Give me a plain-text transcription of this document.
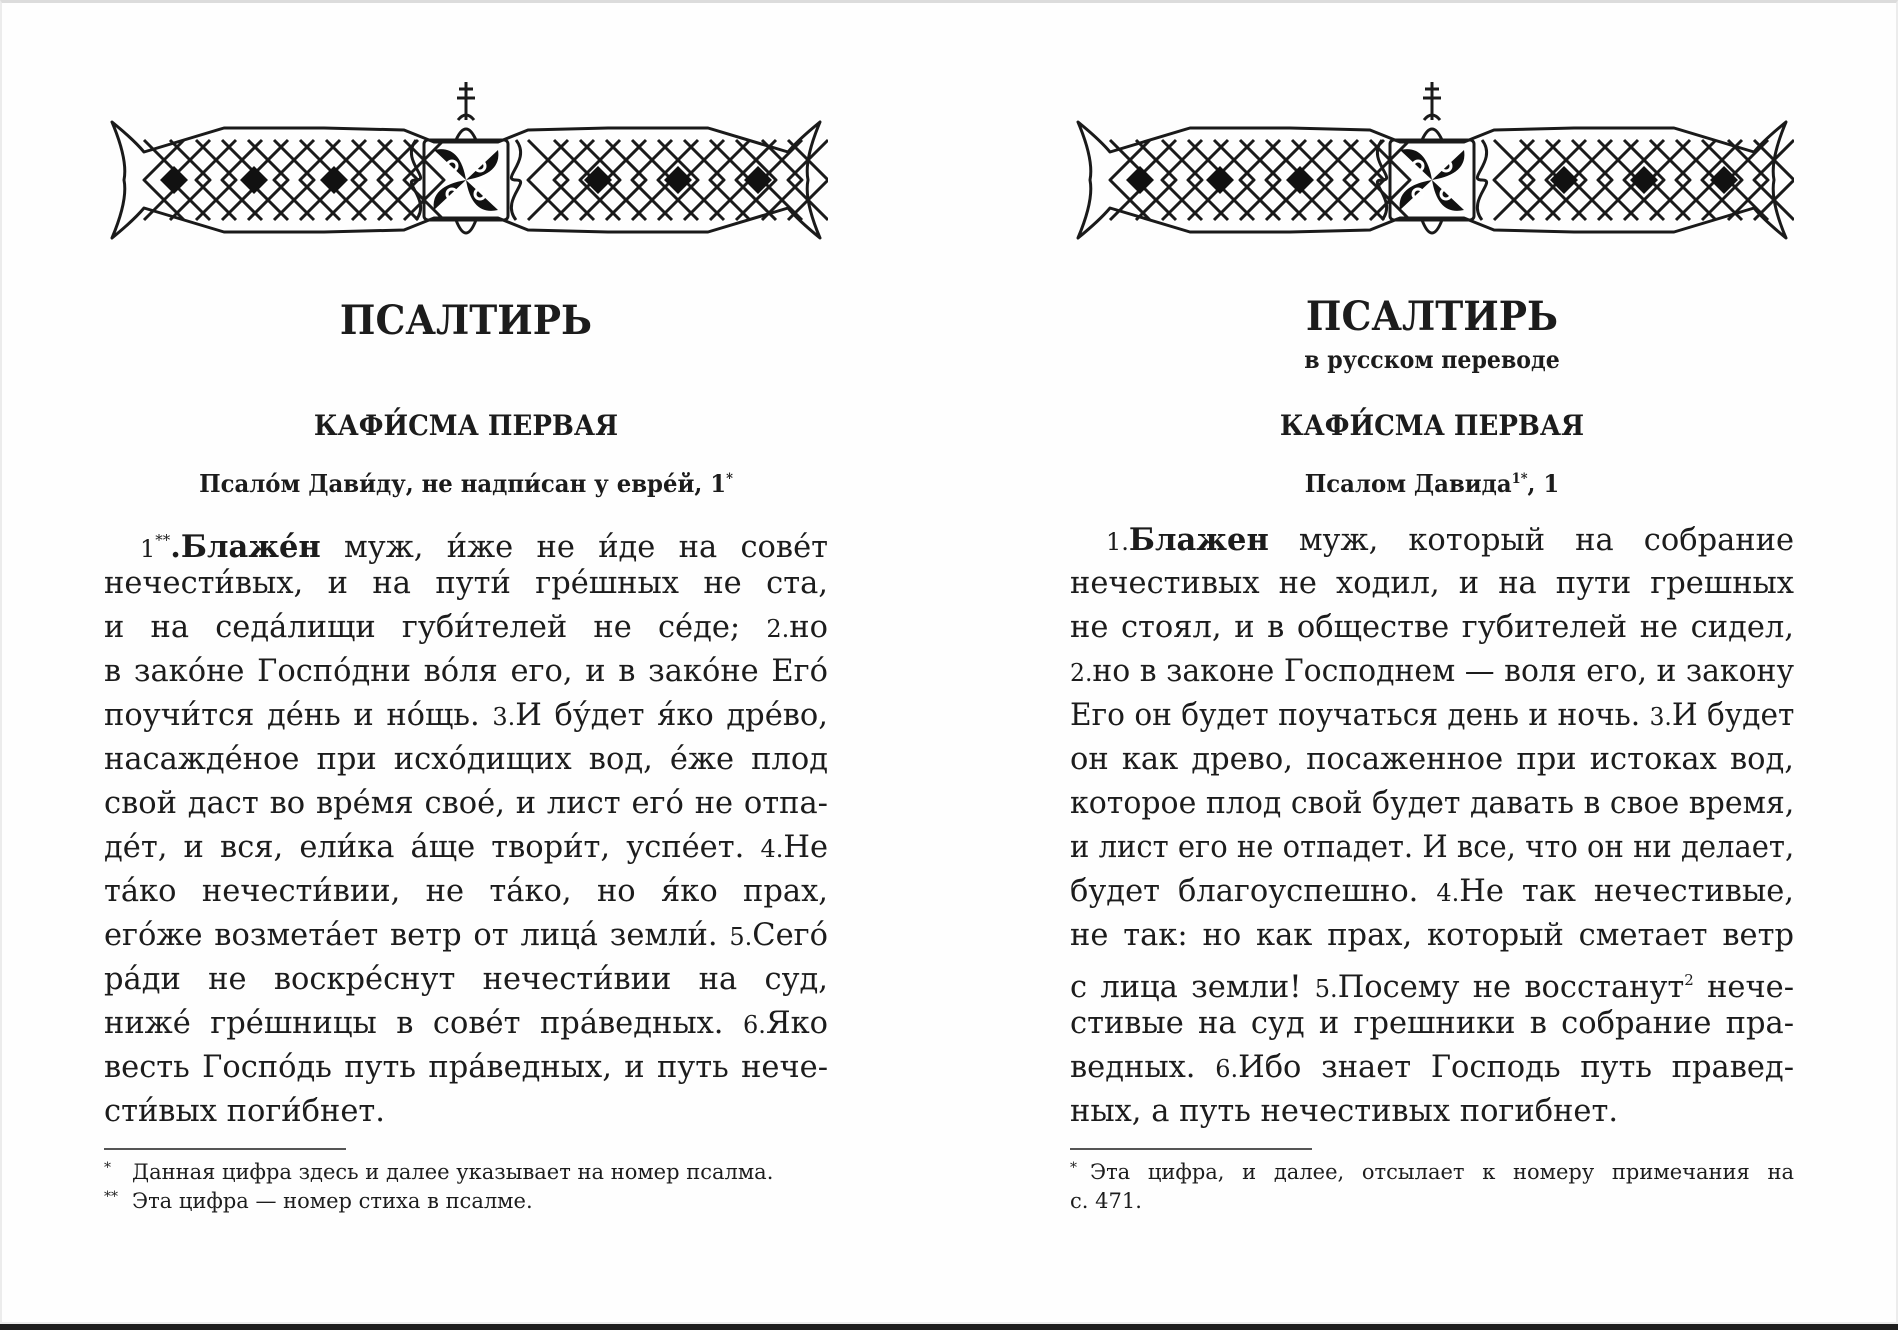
ПСАЛТИРЬ
КАФИ́СМА ПЕРВАЯ
Псало́м Дави́ду, не надпи́сан у евре́й, 1*
1**.Блаже́н муж, и́же не и́де на сове́т
нечести́вых, и на пути́ гре́шных не ста,
и на седа́лищи губи́телей не се́де; 2.но
в зако́не Госпо́дни во́ля его, и в зако́не Его́
поучи́тся де́нь и но́щь. 3.И бу́дет я́ко дре́во,
насажде́ное при исхо́дищих вод, е́же плод
свой даст во вре́мя свое́, и лист его́ не отпа-
де́т, и вся, ели́ка а́ще твори́т, успе́ет. 4.Не
та́ко нечести́вии, не та́ко, но я́ко прах,
его́же возмета́ет ветр от лица́ земли́. 5.Сего́
ра́ди не воскре́снут нечести́вии на суд,
ниже́ гре́шницы в сове́т пра́ведных. 6.Яко
весть Госпо́дь путь пра́ведных, и путь нече-
сти́вых поги́бнет.
*	Данная цифра здесь и далее указывает на номер псалма.
** Эта цифра — номер стиха в псалме.
ПСАЛТИРЬ
в русском переводе
КАФИ́СМА ПЕРВАЯ
Псалом Давида$^{1*}$, 1
1.Блажен муж, который на собрание
нечестивых не ходил, и на пути грешных
не стоял, и в обществе губителей не сидел,
2.но в законе Господнем — воля его, и закону
Его он будет поучаться день и ночь. 3.И будет
он как древо, посаженное при истоках вод,
которое плод свой будет давать в свое время,
и лист его не отпадет. И все, что он ни делает,
будет благоуспешно. 4.Не так нечестивые,
не так: но как прах, который сметает ветр
с лица земли! 5.Посему не восстанут$^2$ нече-
стивые на суд и грешники в собрание пра-
ведных. 6.Ибо знает Господь путь правед-
ных, а путь нечестивых погибнет.
* Эта цифра, и далее, отсылает к номеру примечания на
с. 471.
